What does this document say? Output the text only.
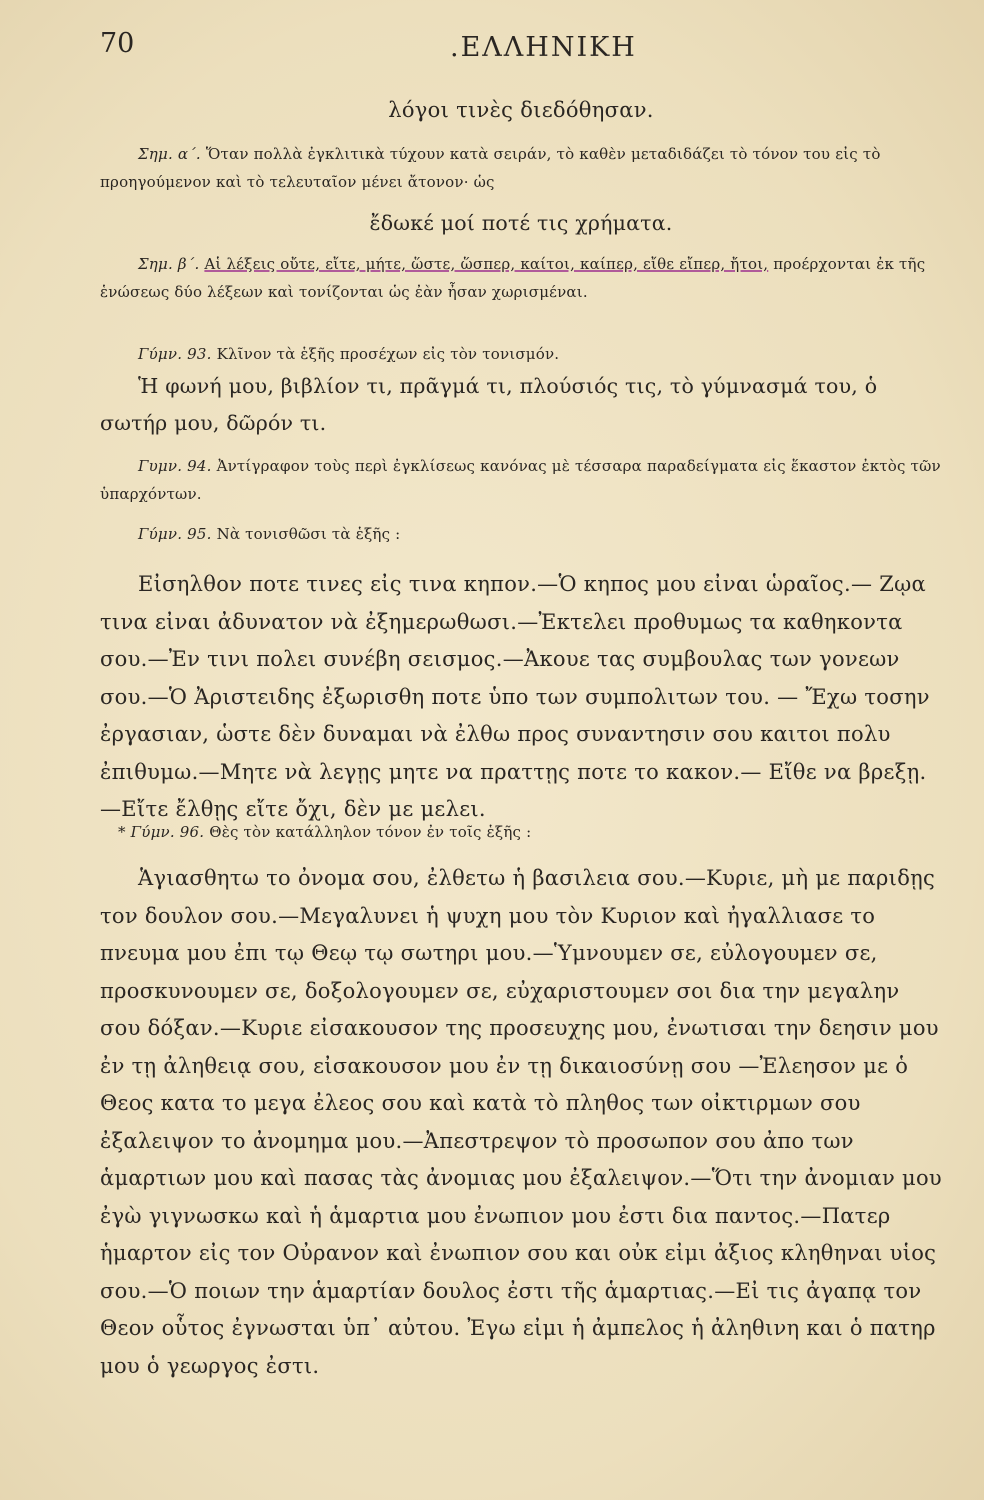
70	.ΕΛΛΗΝΙΚΗ

λόγοι τινὲς διεδόθησαν.

Σημ. α΄. Ὅταν πολλὰ ἐγκλιτικὰ τύχουν κατὰ σειράν, τὸ καθὲν μεταδιδάζει τὸ τόνον του εἰς τὸ προηγούμενον καὶ τὸ τελευταῖον μένει ἄτονον· ὡς

ἔδωκέ μοί ποτέ τις χρήματα.

Σημ. β΄. Αἱ λέξεις οὔτε, εἴτε, μήτε, ὥστε, ὥσπερ, καίτοι, καίπερ, εἴθε εἴπερ, ἤτοι, προέρχονται ἐκ τῆς ἑνώσεως δύο λέξεων καὶ τονίζονται ὡς ἐὰν ἦσαν χωρισμέναι.

Γύμν. 93. Κλῖνον τὰ ἑξῆς προσέχων εἰς τὸν τονισμόν.

Ἡ φωνή μου, βιβλίον τι, πρᾶγμά τι, πλούσιός τις, τὸ γύμνασμά του, ὁ σωτήρ μου, δῶρόν τι.

Γυμν. 94. Ἀντίγραφον τοὺς περὶ ἐγκλίσεως κανόνας μὲ τέσσαρα παραδείγματα εἰς ἕκαστον ἐκτὸς τῶν ὑπαρχόντων.

Γύμν. 95. Νὰ τονισθῶσι τὰ ἑξῆς :

Εἰσηλθον ποτε τινες εἰς τινα κηπον.—Ὁ κηπος μου εἰναι ὡραῖος.— Ζῳα τινα εἰναι ἀδυνατον νὰ ἐξημερωθωσι.—Ἐκτελει προθυμως τα καθηκοντα σου.—Ἐν τινι πολει συνέβη σεισμος.—Ἀκουε τας συμβουλας των γονεων σου.—Ὁ Ἀριστειδης ἐξωρισθη ποτε ὑπο των συμπολιτων του. — Ἔχω τοσην ἐργασιαν, ὡστε δὲν δυναμαι νὰ ἐλθω προς συναντησιν σου καιτοι πολυ ἐπιθυμω.—Μητε νὰ λεγῃς μητε να πραττῃς ποτε το κακον.— Εἴθε να βρεξῃ.—Εἴτε ἔλθῃς εἴτε ὄχι, δὲν με μελει.

* Γύμν. 96. Θὲς τὸν κατάλληλον τόνον ἐν τοῖς ἑξῆς :

Ἁγιασθητω το ὀνομα σου, ἐλθετω ἡ βασιλεια σου.—Κυριε, μὴ με παριδῃς τον δουλον σου.—Μεγαλυνει ἡ ψυχη μου τὸν Κυριον καὶ ἠγαλλιασε το πνευμα μου ἐπι τῳ Θεῳ τῳ σωτηρι μου.—Ὑμνουμεν σε, εὐλογουμεν σε, προσκυνουμεν σε, δοξολογουμεν σε, εὐχαριστουμεν σοι δια την μεγαλην σου δόξαν.—Κυριε εἰσακουσον της προσευχης μου, ἐνωτισαι την δεησιν μου ἐν τῃ ἀληθειᾳ σου, εἰσακουσον μου ἐν τῃ δικαιοσύνῃ σου —Ἐλεησον με ὁ Θεος κατα το μεγα ἐλεος σου καὶ κατὰ τὸ πληθος των οἰκτιρμων σου ἐξαλειψον το ἀνομημα μου.—Ἀπεστρεψον τὸ προσωπον σου ἀπο των ἁμαρτιων μου καὶ πασας τὰς ἀνομιας μου ἐξαλειψον.—Ὅτι την ἀνομιαν μου ἐγὼ γιγνωσκω καὶ ἡ ἁμαρτια μου ἐνωπιον μου ἐστι δια παντος.—Πατερ ἡμαρτον εἰς τον Οὐρανον καὶ ἐνωπιον σου και οὐκ εἰμι ἀξιος κληθηναι υἱος σου.—Ὁ ποιων την ἁμαρτίαν δουλος ἐστι τῆς ἁμαρτιας.—Εἰ τις ἀγαπᾳ τον Θεον οὗτος ἐγνωσται ὑπ᾽ αὐτου. Ἐγω εἰμι ἡ ἀμπελος ἡ ἀληθινη και ὁ πατηρ μου ὁ γεωργος ἐστι.
